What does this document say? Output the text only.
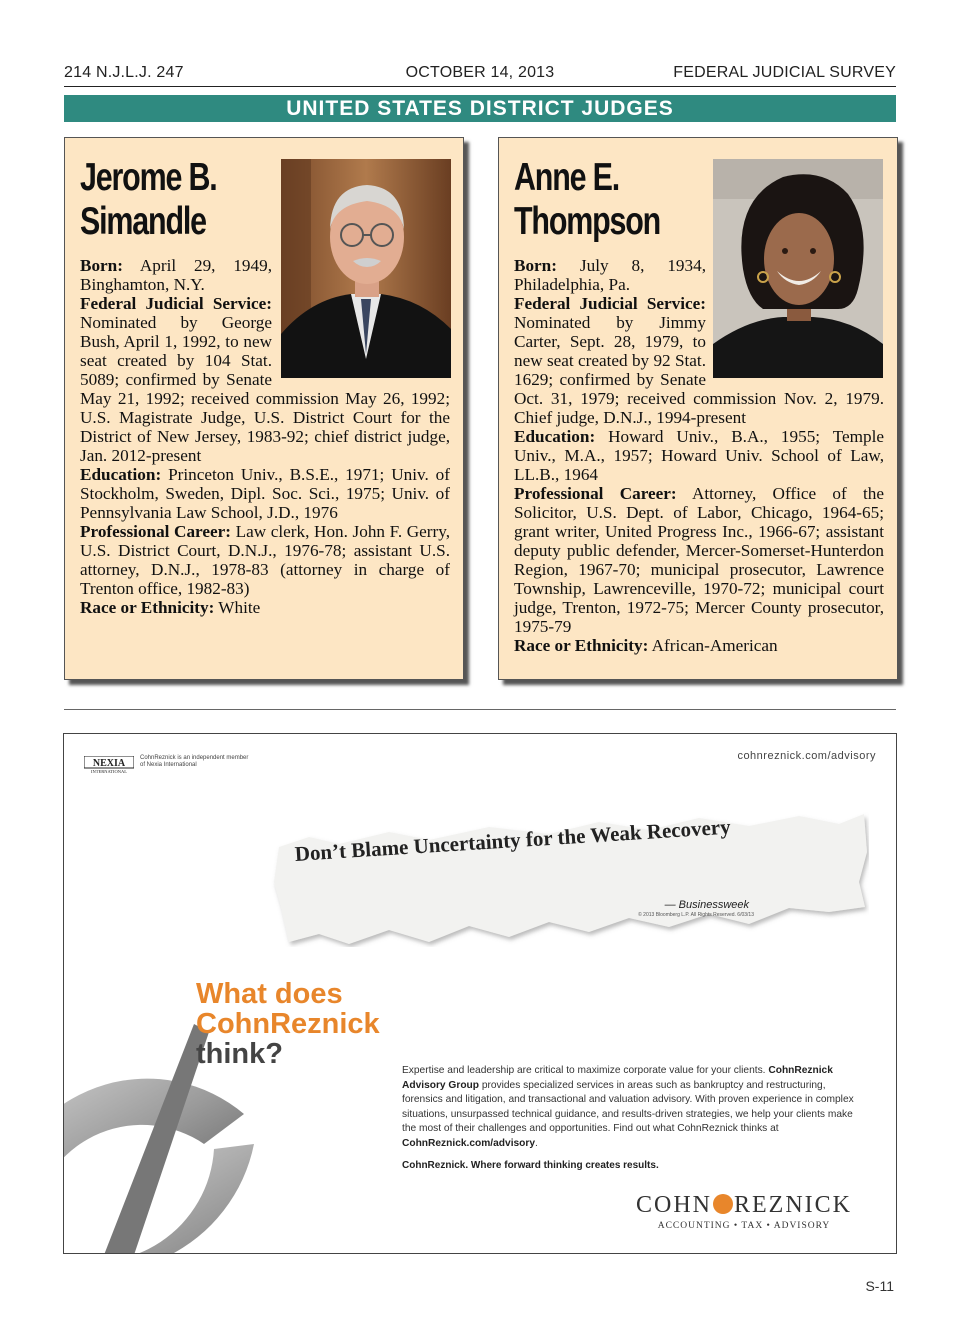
214 N.J.L.J. 247	OCTOBER 14, 2013	FEDERAL JUDICIAL SURVEY
UNITED STATES DISTRICT JUDGES
Jerome B.
Simandle

Born: April 29, 1949, Binghamton, N.Y.

Federal Judicial Service: Nominated by George Bush, April 1, 1992, to new seat created by 104 Stat. 5089; confirmed by Senate May 21, 1992; received commission May 26, 1992; U.S. Magistrate Judge, U.S. District Court for the District of New Jersey, 1983-92; chief district judge, Jan. 2012-present

Education: Princeton Univ., B.S.E., 1971; Univ. of Stockholm, Sweden, Dipl. Soc. Sci., 1975; Univ. of Pennsylvania Law School, J.D., 1976

Professional Career: Law clerk, Hon. John F. Gerry, U.S. District Court, D.N.J., 1976-78; assistant U.S. attorney, D.N.J., 1978-83 (attorney in charge of Trenton office, 1982-83)

Race or Ethnicity: White

Anne E.
Thompson

Born: July 8, 1934, Philadelphia, Pa.

Federal Judicial Service: Nominated by Jimmy Carter, Sept. 28, 1979, to new seat created by 92 Stat. 1629; confirmed by Senate Oct. 31, 1979; received commission Nov. 2, 1979. Chief judge, D.N.J., 1994-present

Education: Howard Univ., B.A., 1955; Temple Univ., M.A., 1957; Howard Univ. School of Law, LL.B., 1964

Professional Career: Attorney, Office of the Solicitor, U.S. Dept. of Labor, Chicago, 1964-65; grant writer, United Progress Inc., 1966-67; assistant deputy public defender, Mercer-Somerset-Hunterdon Region, 1967-70; municipal prosecutor, Lawrence Township, Lawrenceville, 1970-72; municipal court judge, Trenton, 1972-75; Mercer County prosecutor, 1975-79

Race or Ethnicity: African-American

NEXIA
INTERNATIONAL
CohnReznick is an independent member of Nexia International
cohnreznick.com/advisory
Don’t Blame Uncertainty for the Weak Recovery
— Businessweek
© 2013 Bloomberg L.P. All Rights Reserved. 6/03/13
What does
CohnReznick
think?
Expertise and leadership are critical to maximize corporate value for your clients. CohnReznick Advisory Group provides specialized services in areas such as bankruptcy and restructuring, forensics and litigation, and transactional and valuation advisory. With proven experience in complex situations, unsurpassed technical guidance, and results-driven strategies, we help your clients make the most of their challenges and opportunities. Find out what CohnReznick thinks at CohnReznick.com/advisory.
CohnReznick. Where forward thinking creates results.
COHN REZNICK
ACCOUNTING • TAX • ADVISORY
S-11
